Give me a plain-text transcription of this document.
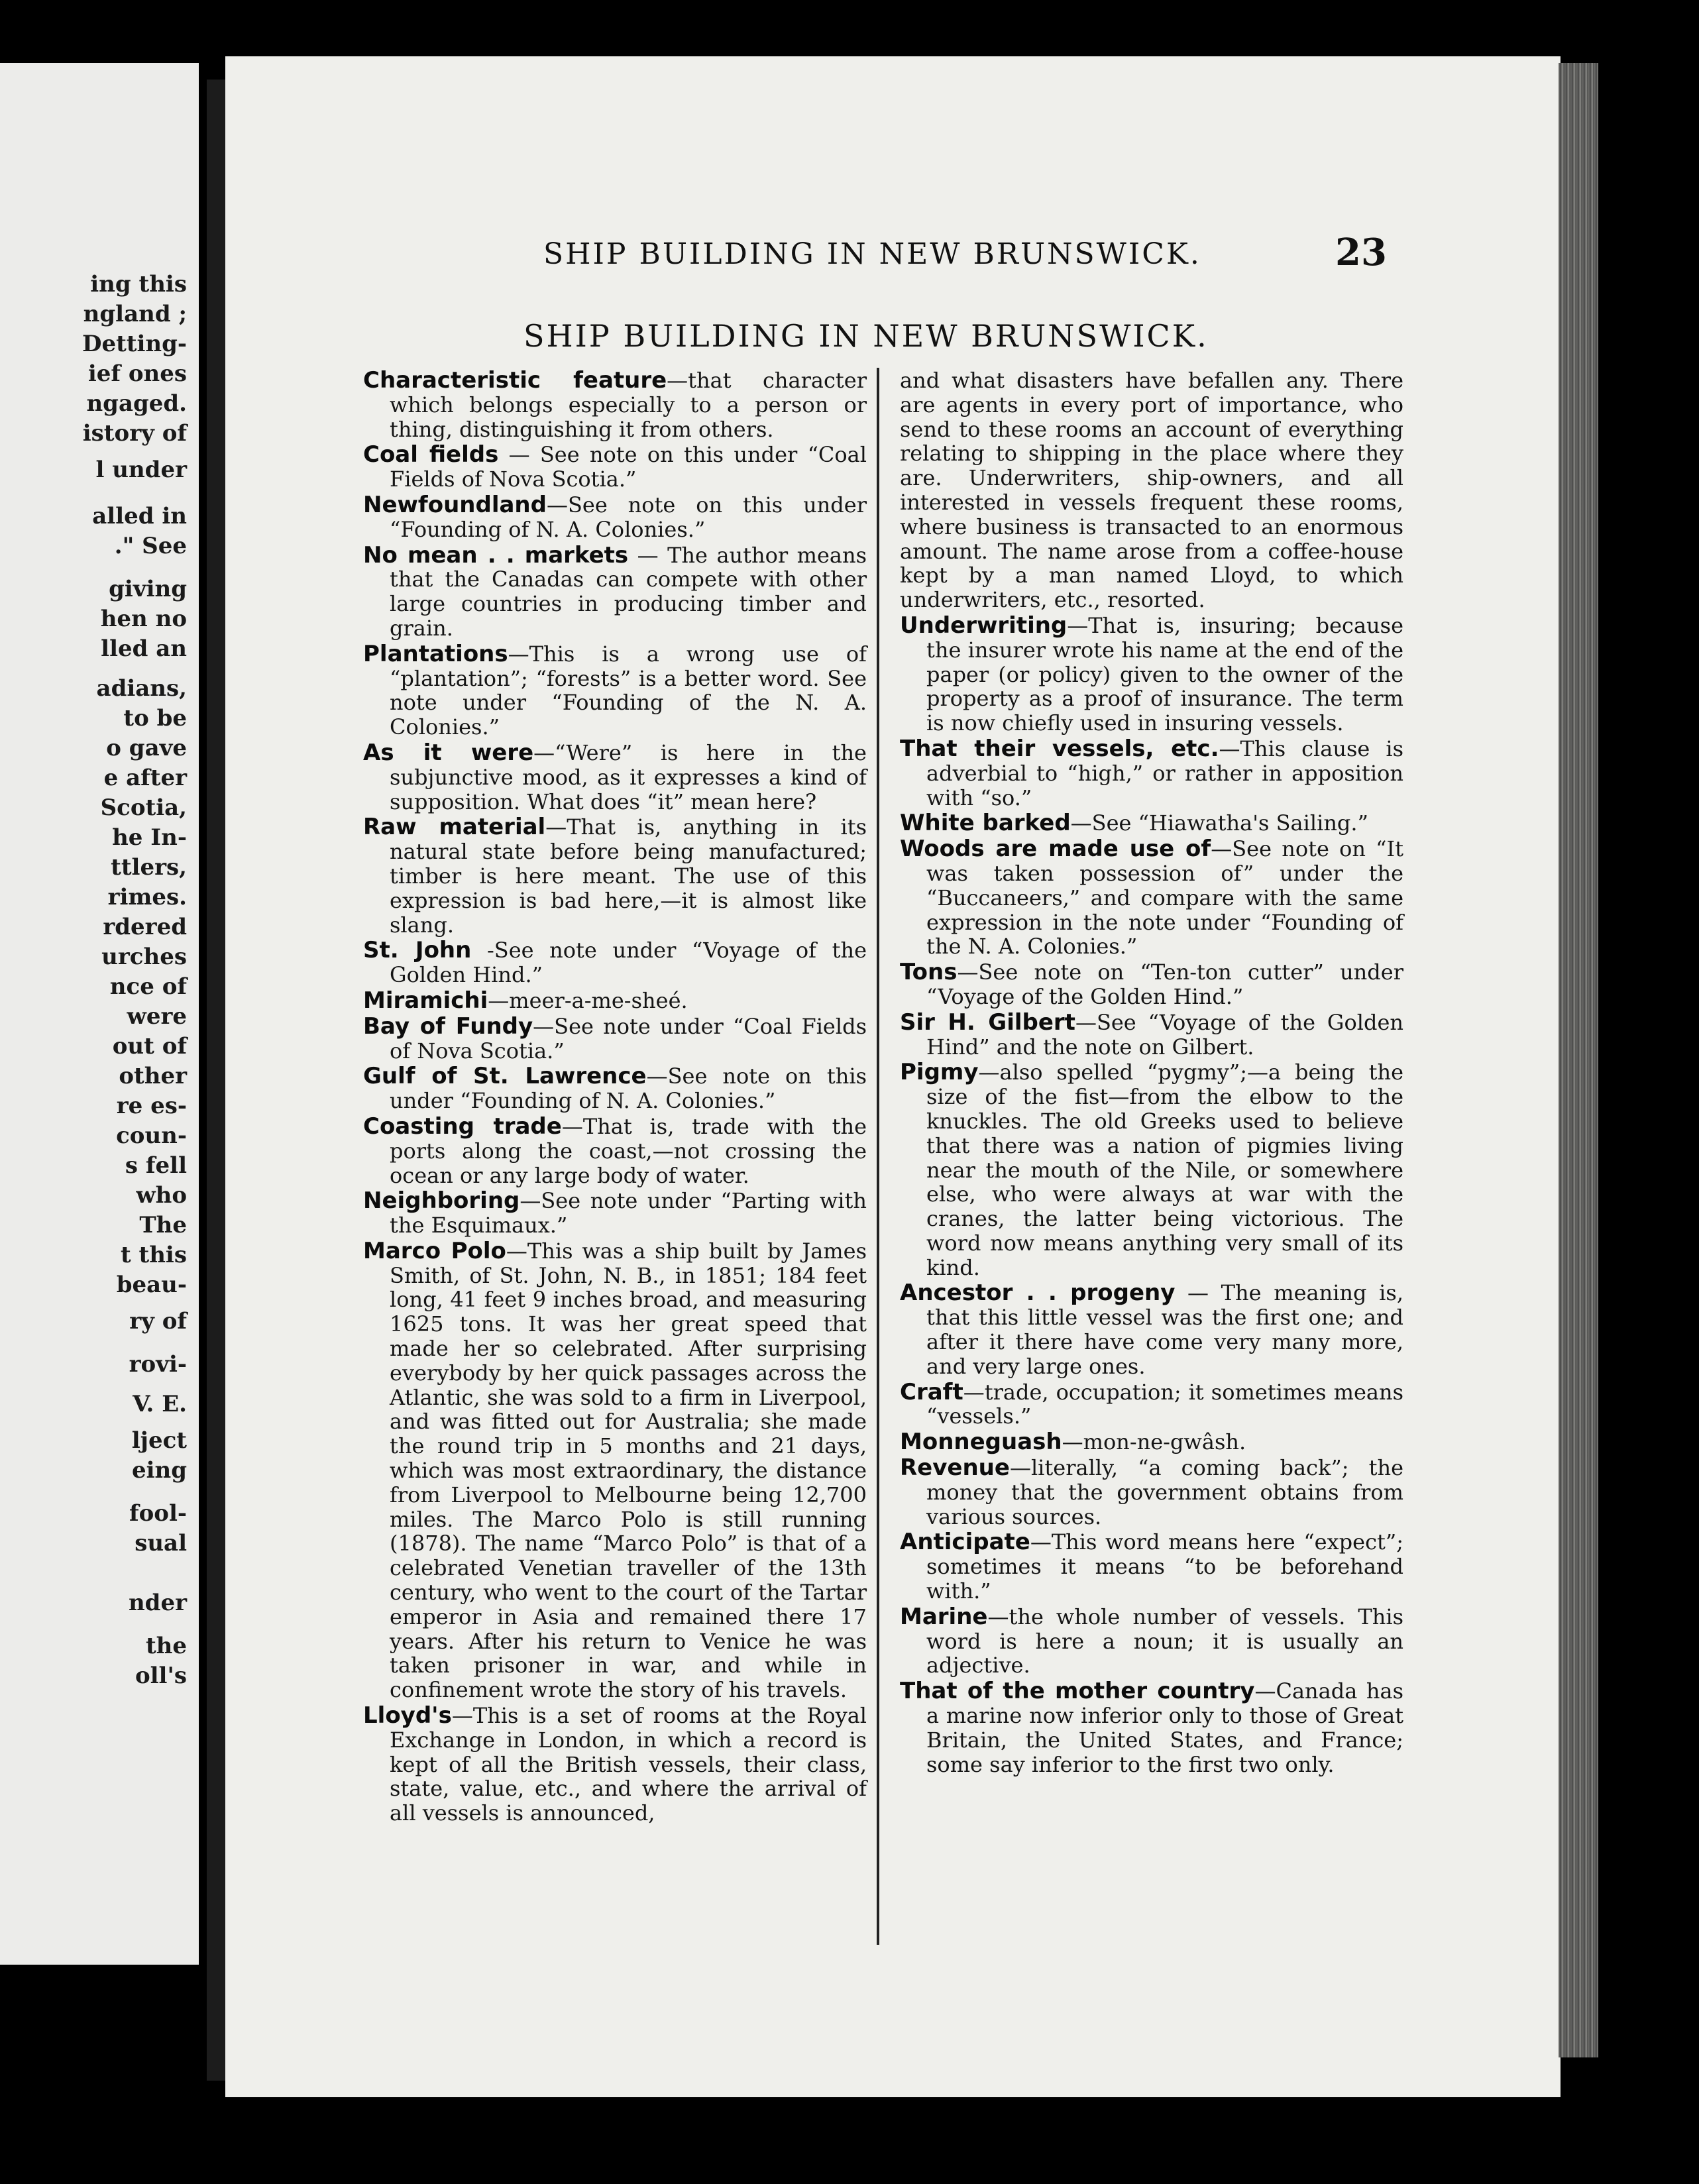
ing this

ngland ;

Detting-

ief ones

ngaged.

istory of

l under

alled in

." See

giving

hen no

lled an

adians,

to be

o gave

e after

Scotia,

he In-

ttlers,

rimes.

rdered

urches

nce of

were

out of

other

re es-

coun-

s fell

who

The

t this

beau-

ry of

rovi-

V. E.

lject

eing

fool-

sual

nder

the

oll's

SHIP BUILDING IN NEW BRUNSWICK.	23
SHIP BUILDING IN NEW BRUNSWICK.

Characteristic feature—that character which belongs especially to a person or thing, distinguishing it from others.

Coal fields — See note on this under “Coal Fields of Nova Scotia.”

Newfoundland—See note on this under “Founding of N. A. Colonies.”

No mean . . markets — The author means that the Canadas can compete with other large countries in producing timber and grain.

Plantations—This is a wrong use of “plantation”; “forests” is a better word. See note under “Founding of the N. A. Colonies.”

As it were—“Were” is here in the subjunctive mood, as it expresses a kind of supposition. What does “it” mean here?

Raw material—That is, anything in its natural state before being manufactured; timber is here meant. The use of this expression is bad here,—it is almost like slang.

St. John -See note under “Voyage of the Golden Hind.”

Miramichi—meer-a-me-sheé.

Bay of Fundy—See note under “Coal Fields of Nova Scotia.”

Gulf of St. Lawrence—See note on this under “Founding of N. A. Colonies.”

Coasting trade—That is, trade with the ports along the coast,—not crossing the ocean or any large body of water.

Neighboring—See note under “Parting with the Esquimaux.”

Marco Polo—This was a ship built by James Smith, of St. John, N. B., in 1851; 184 feet long, 41 feet 9 inches broad, and measuring 1625 tons. It was her great speed that made her so celebrated. After surprising everybody by her quick passages across the Atlantic, she was sold to a firm in Liverpool, and was fitted out for Australia; she made the round trip in 5 months and 21 days, which was most extraordinary, the distance from Liverpool to Melbourne being 12,700 miles. The Marco Polo is still running (1878). The name “Marco Polo” is that of a celebrated Venetian traveller of the 13th century, who went to the court of the Tartar emperor in Asia and remained there 17 years. After his return to Venice he was taken prisoner in war, and while in confinement wrote the story of his travels.

Lloyd's—This is a set of rooms at the Royal Exchange in London, in which a record is kept of all the British vessels, their class, state, value, etc., and where the arrival of all vessels is announced,

and what disasters have befallen any. There are agents in every port of importance, who send to these rooms an account of everything relating to shipping in the place where they are. Underwriters, ship-owners, and all interested in vessels frequent these rooms, where business is transacted to an enormous amount. The name arose from a coffee-house kept by a man named Lloyd, to which underwriters, etc., resorted.

Underwriting—That is, insuring; because the insurer wrote his name at the end of the paper (or policy) given to the owner of the property as a proof of insurance. The term is now chiefly used in insuring vessels.

That their vessels, etc.—This clause is adverbial to “high,” or rather in apposition with “so.”

White barked—See “Hiawatha's Sailing.”

Woods are made use of—See note on “It was taken possession of” under the “Buccaneers,” and compare with the same expression in the note under “Founding of the N. A. Colonies.”

Tons—See note on “Ten-ton cutter” under “Voyage of the Golden Hind.”

Sir H. Gilbert—See “Voyage of the Golden Hind” and the note on Gilbert.

Pigmy—also spelled “pygmy”;—a being the size of the fist—from the elbow to the knuckles. The old Greeks used to believe that there was a nation of pigmies living near the mouth of the Nile, or somewhere else, who were always at war with the cranes, the latter being victorious. The word now means anything very small of its kind.

Ancestor . . progeny — The meaning is, that this little vessel was the first one; and after it there have come very many more, and very large ones.

Craft—trade, occupation; it sometimes means “vessels.”

Monneguash—mon-ne-gwâsh.

Revenue—literally, “a coming back”; the money that the government obtains from various sources.

Anticipate—This word means here “expect”; sometimes it means “to be beforehand with.”

Marine—the whole number of vessels. This word is here a noun; it is usually an adjective.

That of the mother country—Canada has a marine now inferior only to those of Great Britain, the United States, and France; some say inferior to the first two only.
